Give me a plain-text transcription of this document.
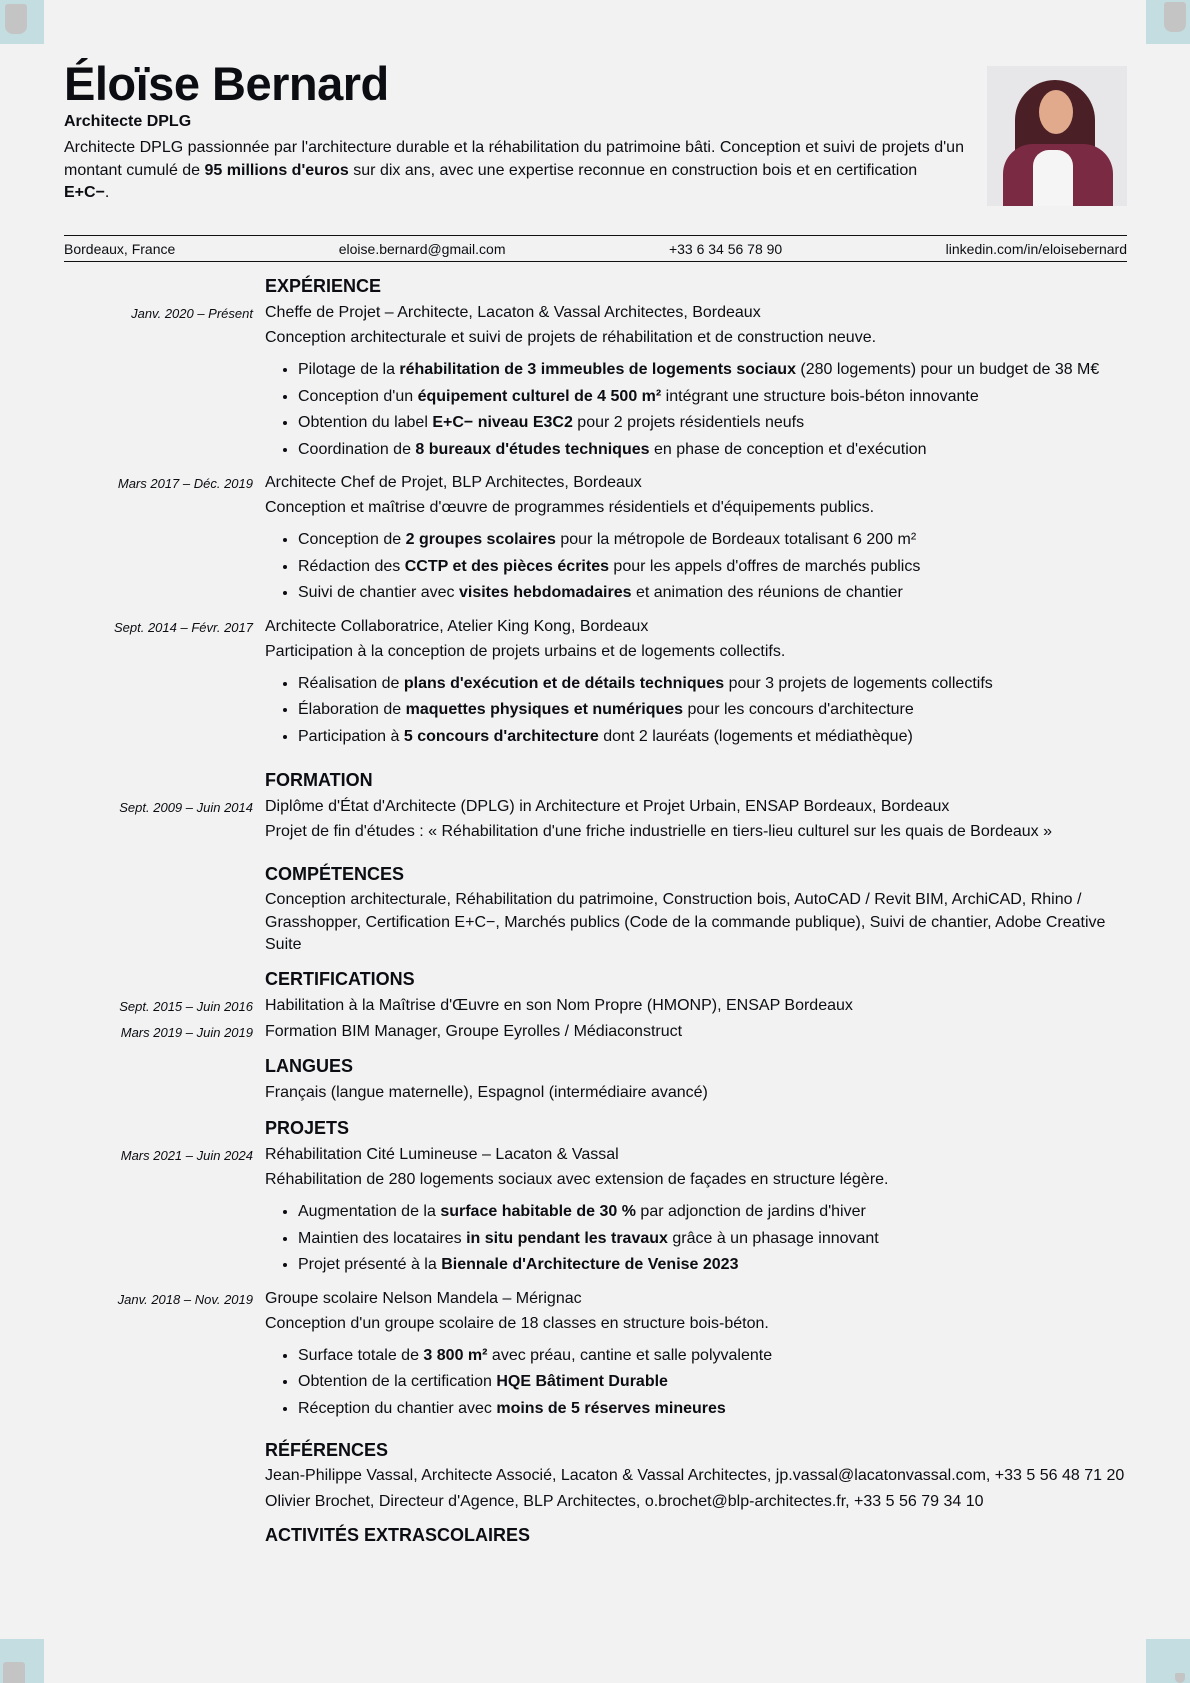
Éloïse Bernard
Architecte DPLG
Architecte DPLG passionnée par l'architecture durable et la réhabilitation du patrimoine bâti. Conception et suivi de projets d'un montant cumulé de 95 millions d'euros sur dix ans, avec une expertise reconnue en construction bois et en certification E+C−.
Bordeaux, France	eloise.bernard@gmail.com	+33 6 34 56 78 90	linkedin.com/in/eloisebernard
EXPÉRIENCE
Janv. 2020 – Présent Cheffe de Projet – Architecte, Lacaton & Vassal Architectes, Bordeaux
Conception architecturale et suivi de projets de réhabilitation et de construction neuve.
• Pilotage de la réhabilitation de 3 immeubles de logements sociaux (280 logements) pour un budget de 38 M€
• Conception d'un équipement culturel de 4 500 m² intégrant une structure bois-béton innovante
• Obtention du label E+C− niveau E3C2 pour 2 projets résidentiels neufs
• Coordination de 8 bureaux d'études techniques en phase de conception et d'exécution
Mars 2017 – Déc. 2019 Architecte Chef de Projet, BLP Architectes, Bordeaux
Conception et maîtrise d'œuvre de programmes résidentiels et d'équipements publics.
• Conception de 2 groupes scolaires pour la métropole de Bordeaux totalisant 6 200 m²
• Rédaction des CCTP et des pièces écrites pour les appels d'offres de marchés publics
• Suivi de chantier avec visites hebdomadaires et animation des réunions de chantier
Sept. 2014 – Févr. 2017 Architecte Collaboratrice, Atelier King Kong, Bordeaux
Participation à la conception de projets urbains et de logements collectifs.
• Réalisation de plans d'exécution et de détails techniques pour 3 projets de logements collectifs
• Élaboration de maquettes physiques et numériques pour les concours d'architecture
• Participation à 5 concours d'architecture dont 2 lauréats (logements et médiathèque)
FORMATION
Sept. 2009 – Juin 2014 Diplôme d'État d'Architecte (DPLG) in Architecture et Projet Urbain, ENSAP Bordeaux, Bordeaux
Projet de fin d'études : « Réhabilitation d'une friche industrielle en tiers-lieu culturel sur les quais de Bordeaux »
COMPÉTENCES
Conception architecturale, Réhabilitation du patrimoine, Construction bois, AutoCAD / Revit BIM, ArchiCAD, Rhino / Grasshopper, Certification E+C−, Marchés publics (Code de la commande publique), Suivi de chantier, Adobe Creative Suite
CERTIFICATIONS
Sept. 2015 – Juin 2016 Habilitation à la Maîtrise d'Œuvre en son Nom Propre (HMONP), ENSAP Bordeaux
Mars 2019 – Juin 2019 Formation BIM Manager, Groupe Eyrolles / Médiaconstruct
LANGUES
Français (langue maternelle), Espagnol (intermédiaire avancé)
PROJETS
Mars 2021 – Juin 2024 Réhabilitation Cité Lumineuse – Lacaton & Vassal
Réhabilitation de 280 logements sociaux avec extension de façades en structure légère.
• Augmentation de la surface habitable de 30 % par adjonction de jardins d'hiver
• Maintien des locataires in situ pendant les travaux grâce à un phasage innovant
• Projet présenté à la Biennale d'Architecture de Venise 2023
Janv. 2018 – Nov. 2019 Groupe scolaire Nelson Mandela – Mérignac
Conception d'un groupe scolaire de 18 classes en structure bois-béton.
• Surface totale de 3 800 m² avec préau, cantine et salle polyvalente
• Obtention de la certification HQE Bâtiment Durable
• Réception du chantier avec moins de 5 réserves mineures
RÉFÉRENCES
Jean-Philippe Vassal, Architecte Associé, Lacaton & Vassal Architectes, jp.vassal@lacatonvassal.com, +33 5 56 48 71 20
Olivier Brochet, Directeur d'Agence, BLP Architectes, o.brochet@blp-architectes.fr, +33 5 56 79 34 10
ACTIVITÉS EXTRASCOLAIRES
